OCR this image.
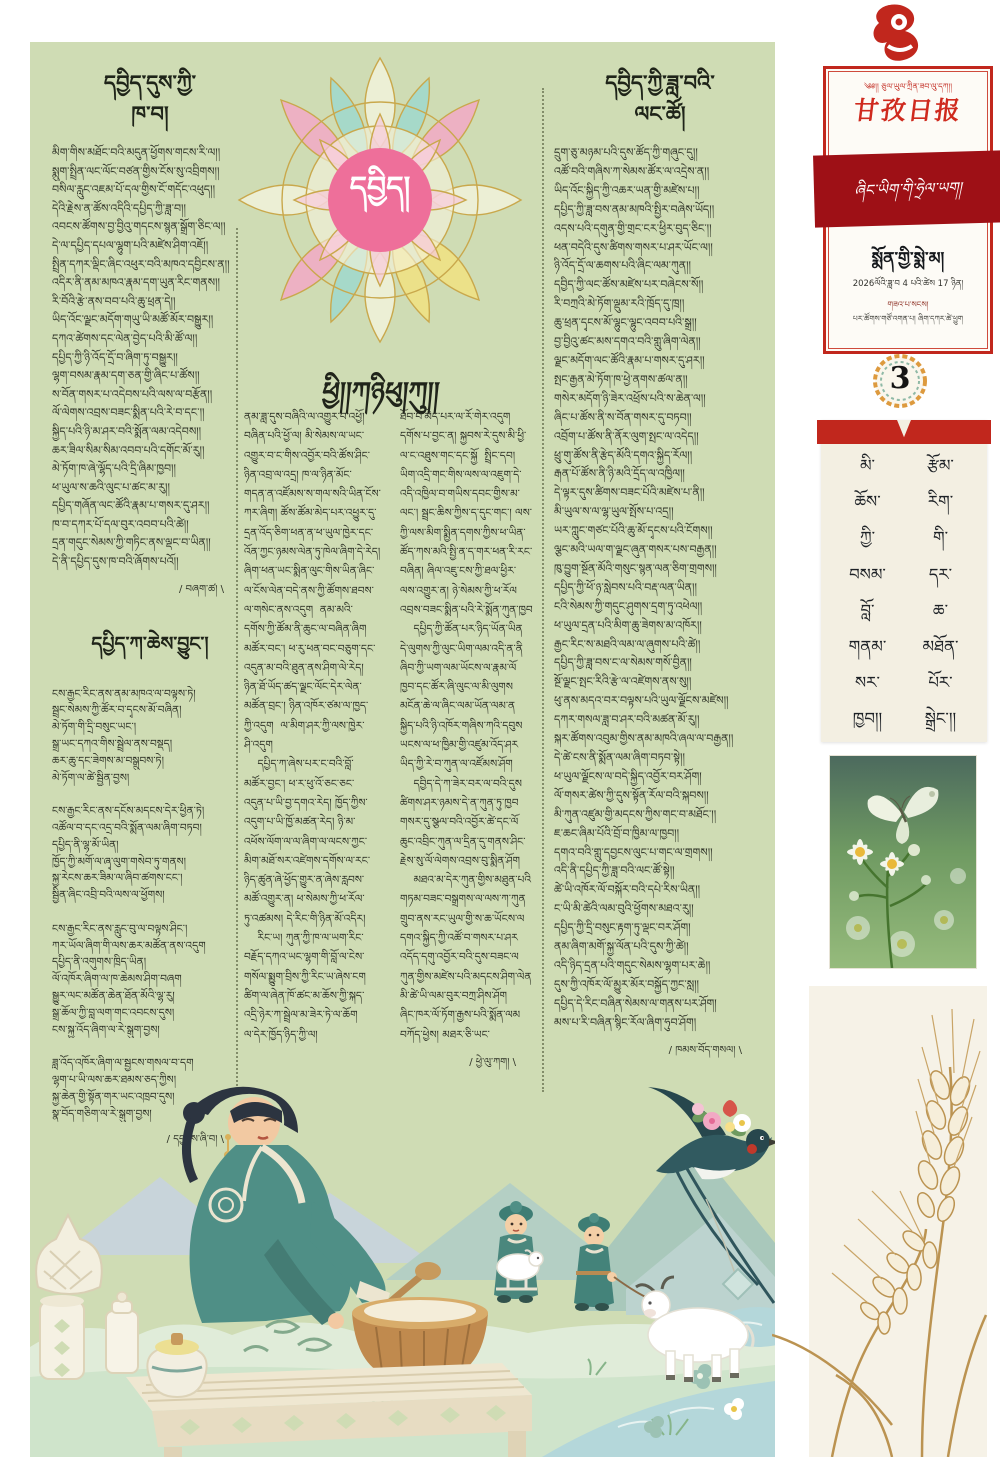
དབྱིད་དུས་ཀྱི་
ཁ་བ།
མིག་གིས་མཐོང་བའི་མདུན་ཕྱོགས་གངས་རི་ལ།།
སྨུག་སྤྲིན་ལང་ལོང་བཙན་གྱིས་ངོས་སུ་འབྲིགས།།
བསིལ་རླུང་འཇམ་པོ་དལ་གྱིས་ངོ་གདོང་འཕུད།།
དེའི་རྗེས་ན་ཚོས་འདིའི་དཔྱིད་ཀྱི་ཟླ་བ།།
འབངས་ཚོགས་བྱ་བྱིའུ་གདངས་སྙན་སྒྲོག་ཅིང་ལ།།
དེ་ལ་དཔྱིད་དཔལ་ལྷུག་པའི་མཛེས་ཤིག་འཇོ།།
སྤྲིན་དཀར་ལྡིང་ཞིང་འཕུར་བའི་མཁའ་དབྱིངས་ན།།
འདིར་ནི་ནམ་མཁའ་རྣམ་དག་ཡུན་རིང་གནས།།
རི་བོའི་རྩེ་ནས་བབ་པའི་ཆུ་ཕྲན་དེ།།
ཡིད་འོང་ལྗང་མདོག་གཡུ་ཡི་མཚོ་མོར་བསྒྱུར།།
དཀའ་ཚེགས་དང་ལེན་བྱེད་པའི་མི་ཚོ་ལ།།
དཔྱིད་ཀྱི་ཉི་འོད་དྲོ་བ་ཞིག་ཏུ་བསྒྱུར།།
ལྷག་བསམ་རྣམ་དག་ཅན་གྱི་ཞིང་པ་ཚོས།།
ས་བོན་གསར་པ་འདེབས་པའི་ལས་ལ་བརྩོན།།
ལོ་ལེགས་འབྲས་བཟང་སྨིན་པའི་རེ་བ་དང་།།
སྐྱིད་པའི་ཉི་མ་ཤར་བའི་སྨོན་ལམ་འདེབས།།
ཆར་ཟིལ་སིམ་སིམ་འབབ་པའི་དགོང་མོ་རུ།།
མེ་ཏོག་ཁ་ཞེ་ལྷོད་པའི་དྲི་ཞིམ་ཁྱབ།།
ཕ་ཡུལ་ས་ཆའི་ལུང་པ་ཚང་མ་རུ།།
དཔྱིད་གཞོན་ལང་ཚོའི་རྣམ་པ་གསར་དུ་ཤར།།
ཁ་བ་དཀར་པོ་དལ་བུར་འབབ་པའི་ཚེ།།
དྲན་གདུང་སེམས་ཀྱི་གཏིང་ནས་ལྡང་བ་ཡིན།།
དེ་ནི་དཔྱིད་དུས་ཁ་བའི་ཞོགས་པའོ།།
/ བཞག་ཚ། \
དཔྱིད་ཀ་ཆེས་བྱུང་།
ངས་རྒྱང་རིང་ནས་ནམ་མཁའ་ལ་བལྟས་ཏེ།
སྦྲང་སེམས་ཀྱི་ཚོར་བ་དྭངས་མོ་བཞིན།
མེ་ཏོག་གི་དྲི་བསུང་ཡང་།
སྒྲ་ཡང་དཀའ་གིས་སྦྲེལ་ནས་བསྡད།
ཆར་ཆུ་དང་ཟེགས་མ་བསྒྲུབས་ཏེ།
མེ་ཏོག་ལ་ཚེ་སྦྱིན་བྱས།
ངས་རྒྱང་རིང་ནས་དངོས་མདངས་དེར་ཕྱིན་ཏེ།
འཚོལ་བ་དང་འདྲ་བའི་སྨོན་ལམ་ཞིག་བཏབ།
དཔྱིད་ནི་ལྷ་མོ་ཡིན།
ཁྱོད་ཀྱི་མགོ་ལ་ཞྭ་ལུག་གསེབ་ཏུ་གནས།
སྐྱ་རེངས་ཆར་ཟིམ་ལ་ཞིབ་ཚགས་ངང་།
སྦྱིན་ཞིང་འབྲི་བའི་ལས་ལ་ཕྱོགས།
ངས་རྒྱང་རིང་ནས་རླུང་བུ་ལ་བལྟས་ཤིང་།
ཀར་ཡོལ་ཞིག་གི་ལས་ཆར་མཚོན་ནས་འདུག
དཔྱིད་ནི་འགུགས་ཁྲིད་ཡིན།
ལོ་འཁོར་ཞིག་ལ་ཁ་ཆེམས་ཤིག་བཞག
སྒྱུར་ལང་མཚོན་ཆེན་ཐོན་མོའི་ལྷ་རུ།
སྒྲ་ཆོལ་ཀྱི་བླ་ལག་གང་འབངས་དུས།
ངས་སྐྱ་འོད་ཞིག་ལ་རེ་སྒུག་བྱས།
ཟླ་འོད་འཁོར་ཞིག་ལ་སྦྱངས་གསལ་བ་དག
ལྷག་པ་ཡི་ལས་ཆར་ཐམས་ཅད་ཀྱིས།
སྐྱ་ཆེན་གྱི་སྟོན་གར་ཡང་འཁྲབ་དུས།
སྣ་བོད་གཅིག་ལ་རེ་སྒུག་བྱས།
/ དབྱངས་ཞི་བ། \
དབྱིད།
ཕྱི།།ཀཉིཕུ།ཀུ།།
ནམ་ཟླ་དུས་བཞིའི་ལ་འགྱུར་བ་འཕྱོ།
བཞིན་པའི་ཕྱོ་ལ། མི་སེམས་ལ་ཡང་
འགྱུར་བ་ང་གིས་འབྱོར་བའི་ཚོས་ཤིང་
ཉིན་འབྲ་ལ་འདྲ། ཁ་ལ་ཉིན་མོང་
གདན་ན་འཛོམས་ས་གལ་སའི་ཡིན་ངོས་
ཀར་ཞིག། ཚོས་ཚོམ་མེད་པར་འཕྱུར་དུ་
དྲན་འོད་ཅིག་ཕན་ན་ཕ་ཡུལ་ཁྱེར་དང་
འོན་ཀྱང་ཉམས་ལེན་ཏུ་ཁེལ་ཞིག་དེ་རེད།
ཞིག་ཕན་ཡང་སྨིན་ལུང་གིས་ཡིན་ཞིང་
ལ་ངོས་ལེན་བདེ་ནས་ཀྱི་ཚོགས་ཐབས་
ལ་གསེང་ནས་འདུག  ནམ་མའི་
དགོས་ཀྱི་ཚོམ་ནི་ཆུང་ལ་བཞིན་ཞིག
མཚོར་བང་། ཕ་རུ་ཕན་བང་བཅུག་དང་
འདུན་མ་བའི་ཐུན་ནས་ཤིག་ལེ་རེད།
ཉིན་ཐོ་ཡོད་ཚད་ལྗང་ལོང་དེར་ལེན་
མཚོན་བྲང་། ཉིན་འཁོར་ཙམ་ལ་ཁྱད་
ཀྱི་འདུག  ལ་མིག་ཤར་ཀྱི་ལས་ཁྱེར་
ཤི་འདུག
དཔྱིད་ཀ་ཞེས་པར་ང་བའི་བློ་
མཚོར་བྱང་། ཕ་ར་ཕུ་འོ་ཅང་ཅང་
འདུན་པ་ཡི་བྱ་དགའ་རེད། ཁྱོད་ཀྱིས་
འདུག་པ་ཡི་ཁྱོ་མཚན་རེད། ཉི་མ་
འཕོས་ལོག་ལ་ལ་ཞིག་ལ་ལངས་ཀྱང་
མིག་མཐོ་སར་འཛེགས་དགོས་ལ་རང་
ཉིད་ཚུན་ཞེ་ཕྱོད་གྱུར་ན་ཞེས་རླབས་
མཚོ་འགྱུར་ན། ཕ་སེམས་ཀྱི་ཕ་རོལ་
ཏུ་འཚམས། དེ་རིང་གི་ཉིན་མོ་འདིར།
རིང་ཡ། ཀུན་ཀྱི་ཁ་ལ་ཡག་རིང་
བརྗོད་དཀའ་ཡང་ལྷག་གི་བློ་ལ་ངེས་
གསོལ་སྨྱུག་བྲིས་ཀྱི་རིང་ཡ་ཞེས་ངག
ཚིག་ལ་ཞེན་ཁོ་ཚང་མ་ཆོས་ཀྱི་སྐད་
འདྲི་ཉེར་ཀ་སྦྲེལ་མ་ཟེར་ཏེ་ལ་ཆོག
ལ་དེར་ཁྱོད་ཉིད་ཀྱི་ལ།
ཐོབ་པ་མེད་པར་ལ་རོ་གེར་འདུག
དགོས་པ་བྱང་ན། སྐྱབས་རེ་དུས་མི་ཕྱི་
ལ་ང་འཐུས་གང་དང་སྐྱོ  སྤྲིང་དབ།
ཡིག་འདྲི་གང་གིས་ལས་ལ་འཇུག་དེ་
འདི་འཁྱིལ་བ་གཡིས་དབང་གྱིས་མ་
ལང་། སྦྲང་ཆིས་ཀྱིས་ད་དུང་གང་། ལས་
ཀྱི་ལས་མིག་སྨྱིན་དགས་ཀྱིས་ཕ་ཡིན་
ཚོད་ཀས་མའི་སྤྱི་ན་ད་གར་ཕན་རི་རང་
བཞིན། ཞིལ་འཇུ་ངས་ཀྱི་ཐལ་ཕྱིར་
ལས་འགྱུར་ན། ཉེ་སེམས་ཀྱི་ཕ་རོལ
འབྲས་བཟང་སྨིན་པའི་རེ་སྨོན་ཀུན་ཁྱབ
དཔྱིད་ཀྱི་ཚོན་པར་ཉིད་ཡོན་ཡིན
དེ་ལུགས་ཀྱི་ལུང་ཡིག་ལམ་འདི་ན་ནི
ཞིབ་ཀྱི་ཡག་ལམ་ཡོངས་ལ་རྣམ་ལོ
ཁྱབ་དང་ཚོར་ཞི་ལུང་ལ་མི་ལུགས
མངོན་ཆེ་ལ་ཞིང་ལམ་ཡོན་ལམ་ན
སྐྱིད་པའི་ཉི་འཁོར་གཞིས་ཀའི་དབུས
ཡངས་ལ་ཕ་ཁྱིམ་གྱི་འཛུམ་འོད་ཤར
ཡིད་ཀྱི་རེ་བ་ཀུན་ལ་འཛོམས་ཤོག
དབྱིད་དེ་ཀ་ཟེར་བར་ལ་བའི་དུས
ཚིགས་ཤར་ཉམས་དེ་ན་ཀུན་ཏུ་ཁྱབ
གསར་དུ་སྩལ་བའི་འབྱོར་ཚེ་དང་ལོ
ཆུང་འབྲིང་ཀུན་ལ་དྲིན་དུ་གནས་ཤིང་
རྗེས་སུ་ལོ་ལེགས་འབྲས་བུ་སྨིན་ཤོག
མཐའ་མ་དེར་ཀུན་གྱིས་མཐུན་པའི
གཏམ་བཟང་བསྒྲགས་ལ་ལས་ཀ་ཀུན
གྲུབ་ནས་རང་ཡུལ་གྱི་ས་ཆ་ཡོངས་ལ
དགའ་སྐྱིད་ཀྱི་འཚོ་བ་གསར་པ་ཤར
འདོད་དགུ་འབྱོར་བའི་དུས་བཟང་ལ
ཀུན་གྱིས་མཛེས་པའི་མདངས་ཤིག་ལེན
མི་ཚེ་ཡི་ལམ་བུར་བཀྲ་ཤིས་ཤོག
ཞིང་ཁར་ལོ་ཏོག་རྒྱས་པའི་སྨོན་ལམ
བཀོད་ཕྱེས། མཐར་ཅི་ཡང་
/ ཕྱེ་ལུ་ཀག། \
དབྱིད་ཀྱི་ཟླ་བའི་
ལང་ཚོ།
དྲུག་ཅུ་མཉམ་པའི་དུས་ཚོད་ཀྱི་གཞུང་དུ།།
འཚོ་བའི་གཞིས་ཀ་སེམས་ཚོར་ལ་འདྲེས་ན།།
ཡིད་འོང་སྐྱིད་ཀྱི་འཆར་ཡན་གྱི་མཛེས་པ།།
དཔྱིད་ཀྱི་ཟླ་བས་ནམ་མཁའི་སྤྱིར་བཞེས་ཡོད།།
འདས་པའི་དགུན་གྱི་གྲང་ངར་ཕྱིར་བུད་ཅིང་།།
ཕན་བདེའི་དུས་ཚིགས་གསར་པ་ཤར་ཡོང་ལ།།
ཉི་འོད་དྲོ་ལ་ཆགས་པའི་ཞིང་ལམ་ཀུན།།
དབྱིད་ཀྱི་ལང་ཚོས་མཛེས་པར་བཞེངས་སོ།།
རི་བཀྲའི་མེ་ཏོག་ལྡུམ་རའི་ཁྲོད་དུ་ཁྲ།།
ཆུ་ཕྲན་དྭངས་མོ་ལྷུང་ལྷུང་འབབ་པའི་སྒྲ།།
བྱ་བྱིའུ་ཚང་མས་དགའ་བའི་གླུ་ཞིག་ལེན།།
ལྗང་མདོག་ལང་ཚོའི་རྣམ་པ་གསར་དུ་ཤར།།
སྤང་རྒྱན་མེ་ཏོག་ཁ་ཕྱེ་ནགས་ཚལ་ན།།
གསེར་མདོག་ཉི་ཟེར་འཕྲོས་པའི་ས་ཆེན་ལ།།
ཞིང་པ་ཚོས་ནི་ས་བོན་གསར་དུ་བཏབ།།
འབྲོག་པ་ཚོས་ནི་ནོར་ལུག་སྤང་ལ་འདེད།།
ཕྲུ་གུ་ཚོས་ནི་རྩེད་མོའི་དགའ་སྐྱིད་རོལ།།
རྒན་པོ་ཚོས་ནི་ཉི་མའི་དྲོད་ལ་འཁྱིལ།།
དེ་ལྟར་དུས་ཚིགས་བཟང་པོའི་མཛེས་པ་ནི།།
མི་ཡུལ་ས་ལ་ལྷ་ཡུལ་སྤོས་པ་འདྲ།།
ཡར་ཀླུང་གཙང་པོའི་ཆུ་མོ་དྭངས་པའི་ངོགས།།
ལྕང་མའི་ཡལ་ག་ལྗང་ཞུན་གསར་པས་བརྒྱན།།
ཁུ་བྱུག་སྔོན་མོའི་གསུང་སྙན་ལན་ཅིག་གྲགས།།
དཔྱིད་ཀྱི་ཕོ་ཉ་སླེབས་པའི་བརྡ་ལན་ཡིན།།
ངའི་སེམས་ཀྱི་གདུང་ཤུགས་དྲག་ཏུ་འཕེལ།།
ཕ་ཡུལ་དྲན་པའི་མིག་ཆུ་ཟེགས་མ་འཁོར།།
རྒྱང་རིང་ས་མཐའི་ལམ་ལ་ཞུགས་པའི་ཚེ།།
དཔྱིད་ཀྱི་ཟླ་བས་ང་ལ་སེམས་གསོ་བྱིན།།
སྔོ་ལྗང་སྤང་རིའི་རྩེ་ལ་འཛེགས་ནས་སུ།།
ཕུ་ནས་མདའ་བར་བལྟས་པའི་ཡུལ་ལྗོངས་མཛེས།།
དཀར་གསལ་ཟླ་བ་ཤར་བའི་མཚན་མོ་རུ།།
སྐར་ཚོགས་འབུམ་གྱིས་ནམ་མཁའི་ཞལ་ལ་བརྒྱན།།
དེ་ཚེ་ངས་ནི་སྨོན་ལམ་ཞིག་བཏབ་སྟེ།།
ཕ་ཡུལ་ལྗོངས་ལ་བདེ་སྐྱིད་འབྱོར་བར་ཤོག།
ལོ་གསར་ཚེས་ཀྱི་དུས་སྟོན་རོལ་བའི་སྐབས།།
མི་ཀུན་འཛུམ་གྱི་མདངས་ཀྱིས་གང་བ་མཐོང་།།
ཇ་ཆང་ཞིམ་པོའི་བྲོ་བ་ཁྱིམ་ལ་ཁྱབ།།
དགའ་བའི་གླུ་དབྱངས་ལུང་པ་གང་ལ་གྲགས།།
འདི་ནི་དཔྱིད་ཀྱི་ཟླ་བའི་ལང་ཚོ་སྟེ།།
ཚེ་ཡི་འཁོར་ལོ་བསྐོར་བའི་དཔེ་རིས་ཡིན།།
ང་ཡི་མི་ཚེའི་ལམ་བུའི་ཕྱོགས་མཐའ་རུ།།
དཔྱིད་ཀྱི་དྲི་བསུང་རྟག་ཏུ་ལྡང་བར་ཤོག།
ནམ་ཞིག་མགོ་སྐྱ་ལོན་པའི་དུས་ཀྱི་ཚེ།།
འདི་ཉིད་དྲན་པའི་གདུང་སེམས་ལྷག་པར་ཆེ།།
དུས་ཀྱི་འཁོར་ལོ་མྱུར་མོར་བསྐྱོད་ཀྱང་སླ།།
དཔྱིད་དེ་རིང་བཞིན་སེམས་ལ་གནས་པར་ཤོག།
མས་པ་རི་བཞིན་སྙིང་རོལ་ཞིག་ཧུབ་ཤོག།
/ ཁམས་བོད་གསལ། \
༄༅།། ཅུལ་ཡུལ་ཀྲིན་ཟབ་ལུ་དཀ།།
甘孜日报
ཞིང་ཡིག་གི་ཧྲེལ་ཡག།
སྨོན་གྱི་སྨེ་མ།
2026ལོའི་ཟླ་བ 4 པའི་ཚེས 17 ཉིན།
གཟའ་པ་སངས།
པར་ཚོགས་གཙོ་འགན་པ། ཞིག་དཀར་ཚེ་ཕྱུག
3
མི་
ཆོས་
ཀྱི་
བསམ་
བློ་
གནམ་
སར་
ཁྱབ།།
རྩོམ་
རིག་
གི་
དར་
ཆ་
མཐོན་
པོར་
སྒྲེང་།།
